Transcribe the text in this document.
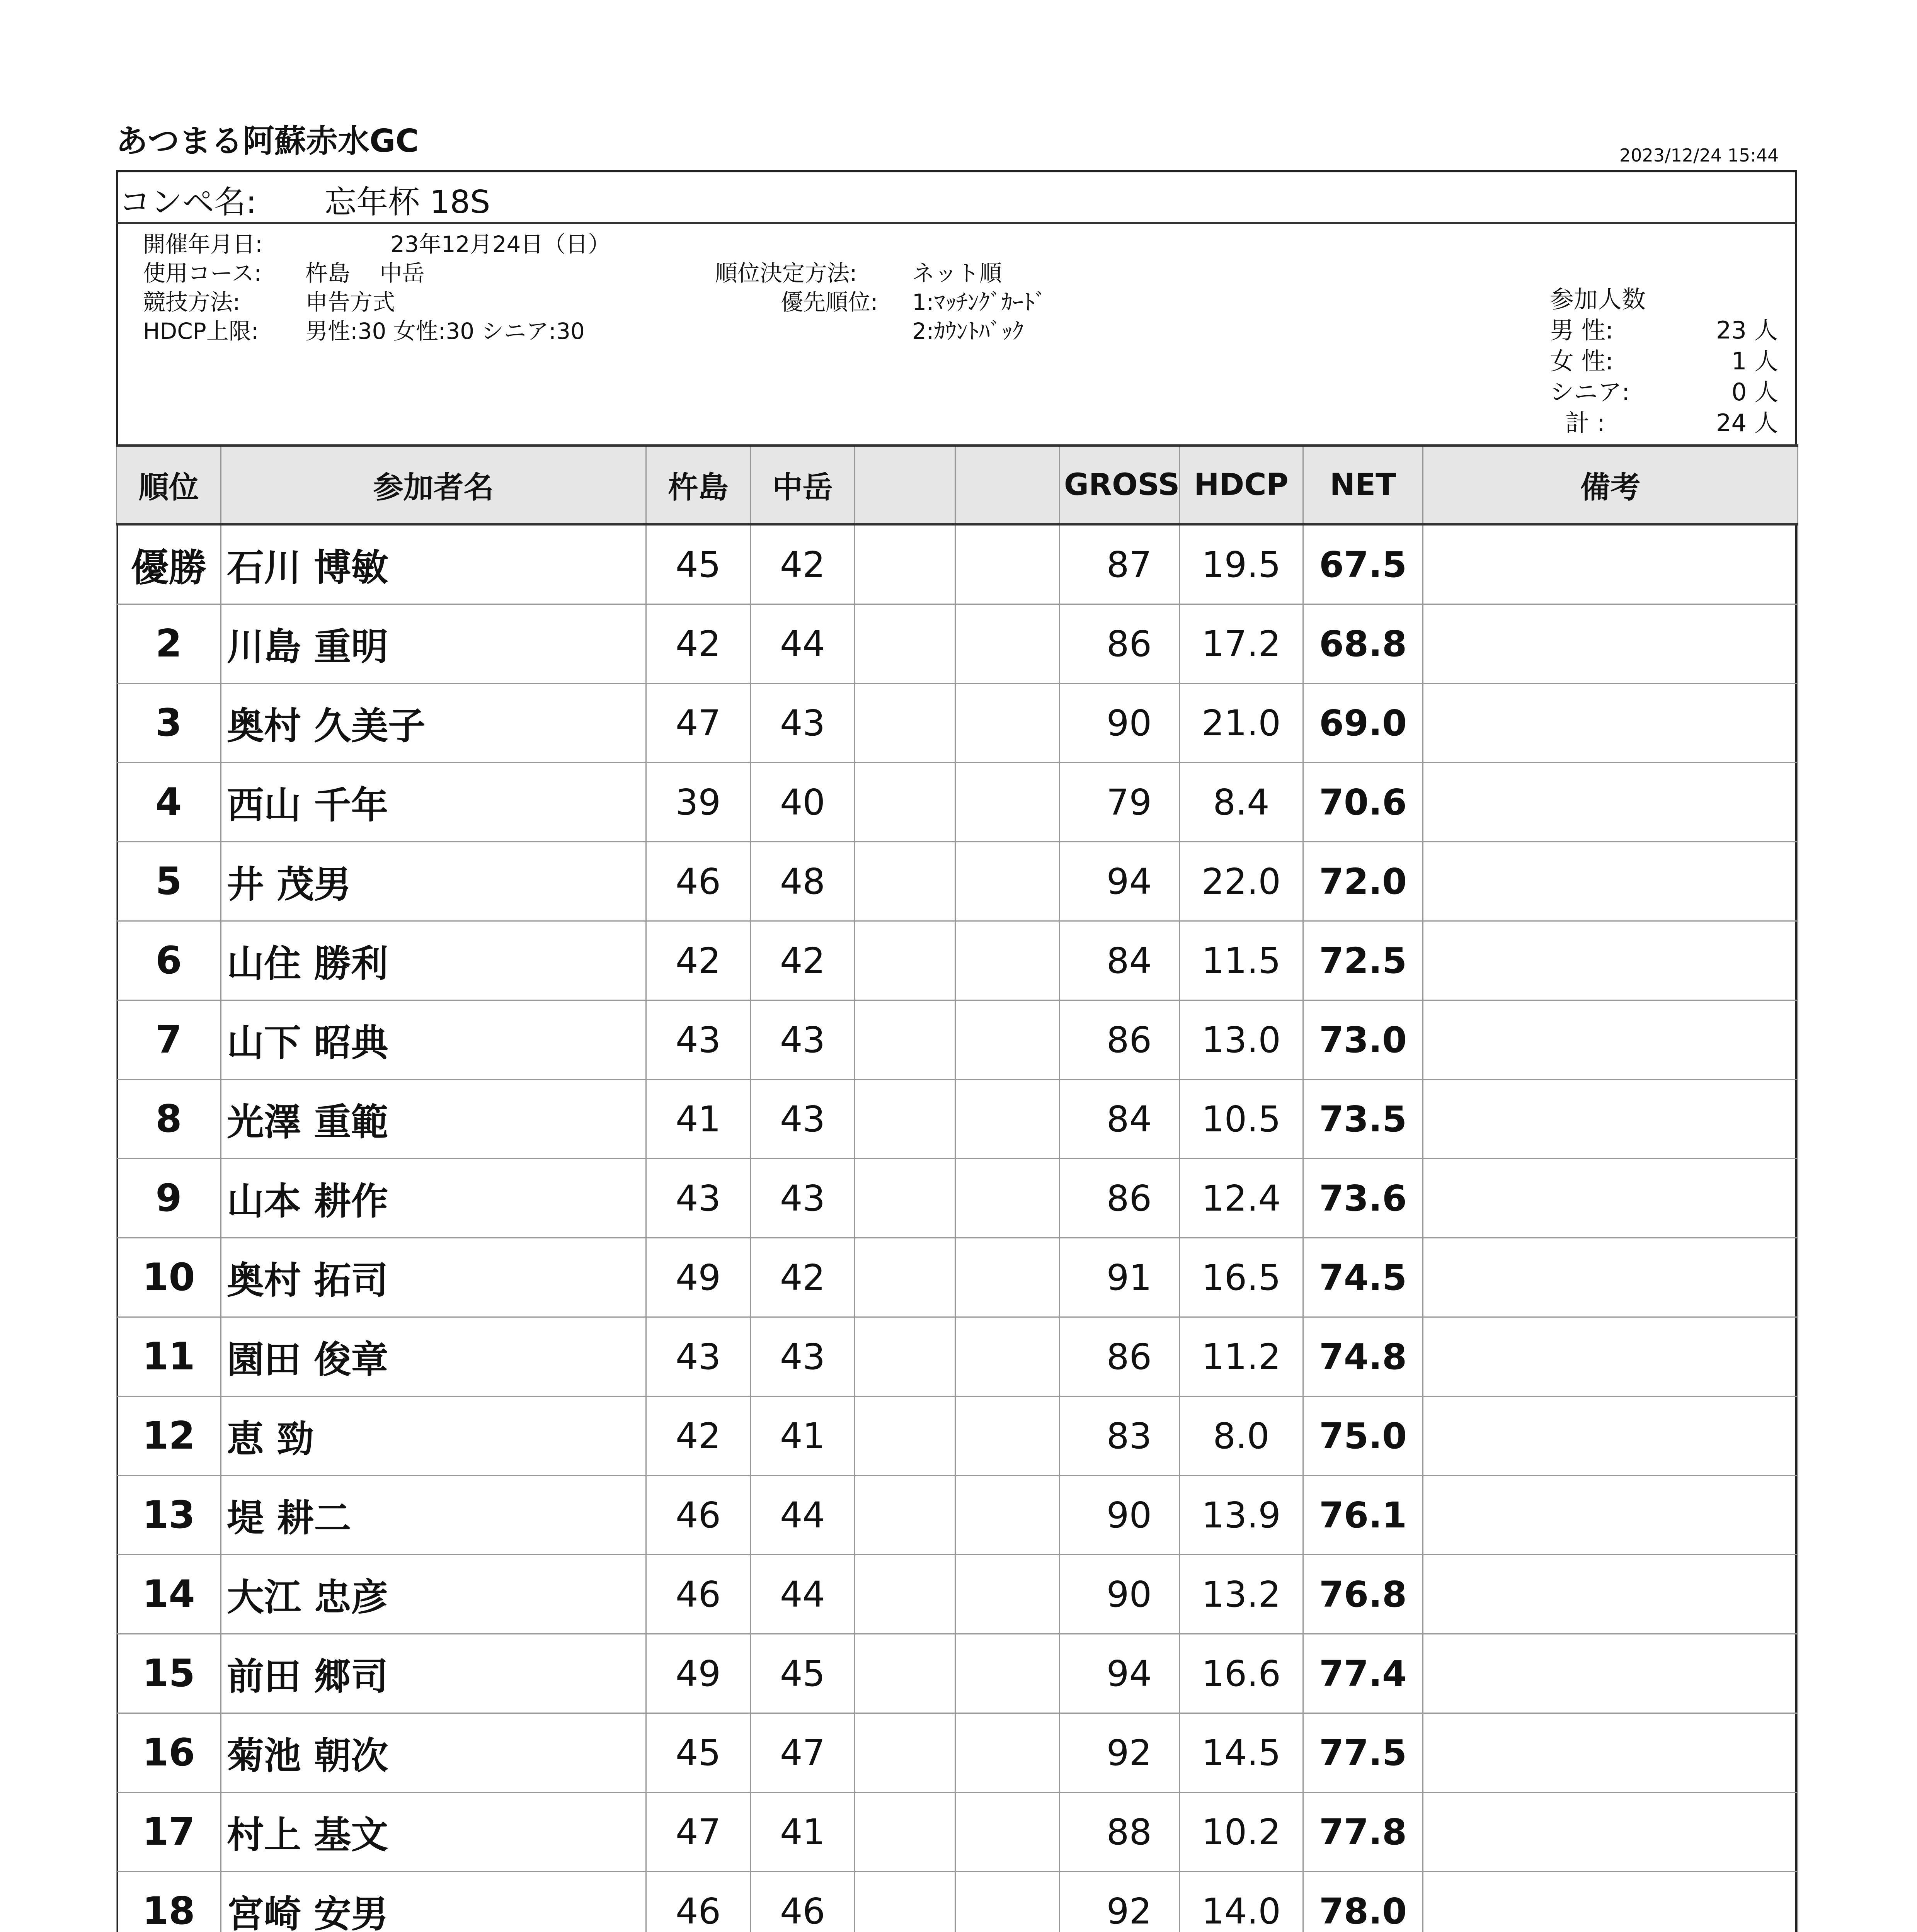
あつまる阿蘇赤水GC	2023/12/24 15:44
コンペ名: 忘年杯 18S
開催年月日:	23年12月24日（日）
使用コース: 杵島　 中岳
競技方法:	申告方式
HDCP上限: 男性:30 女性:30 シニア:30
順位決定方法: ネット順
優先順位: 1:ﾏｯﾁﾝｸﾞｶｰﾄﾞ
2:ｶｳﾝﾄﾊﾞｯｸ
参加人数
男 性:	23 人
女 性:	1 人
シニア:	0 人
計 :	24 人
順位	参加者名	杵島	中岳			GROSS	HDCP	NET	備考
優勝	石川 博敏	45	42			87	19.5	67.5	
2	川島 重明	42	44			86	17.2	68.8	
3	奥村 久美子	47	43			90	21.0	69.0	
4	西山 千年	39	40			79	8.4	70.6	
5	井 茂男	46	48			94	22.0	72.0	
6	山住 勝利	42	42			84	11.5	72.5	
7	山下 昭典	43	43			86	13.0	73.0	
8	光澤 重範	41	43			84	10.5	73.5	
9	山本 耕作	43	43			86	12.4	73.6	
10	奥村 拓司	49	42			91	16.5	74.5	
11	園田 俊章	43	43			86	11.2	74.8	
12	恵 勁	42	41			83	8.0	75.0	
13	堤 耕二	46	44			90	13.9	76.1	
14	大江 忠彦	46	44			90	13.2	76.8	
15	前田 郷司	49	45			94	16.6	77.4	
16	菊池 朝次	45	47			92	14.5	77.5	
17	村上 基文	47	41			88	10.2	77.8	
18	宮崎 安男	46	46			92	14.0	78.0	
